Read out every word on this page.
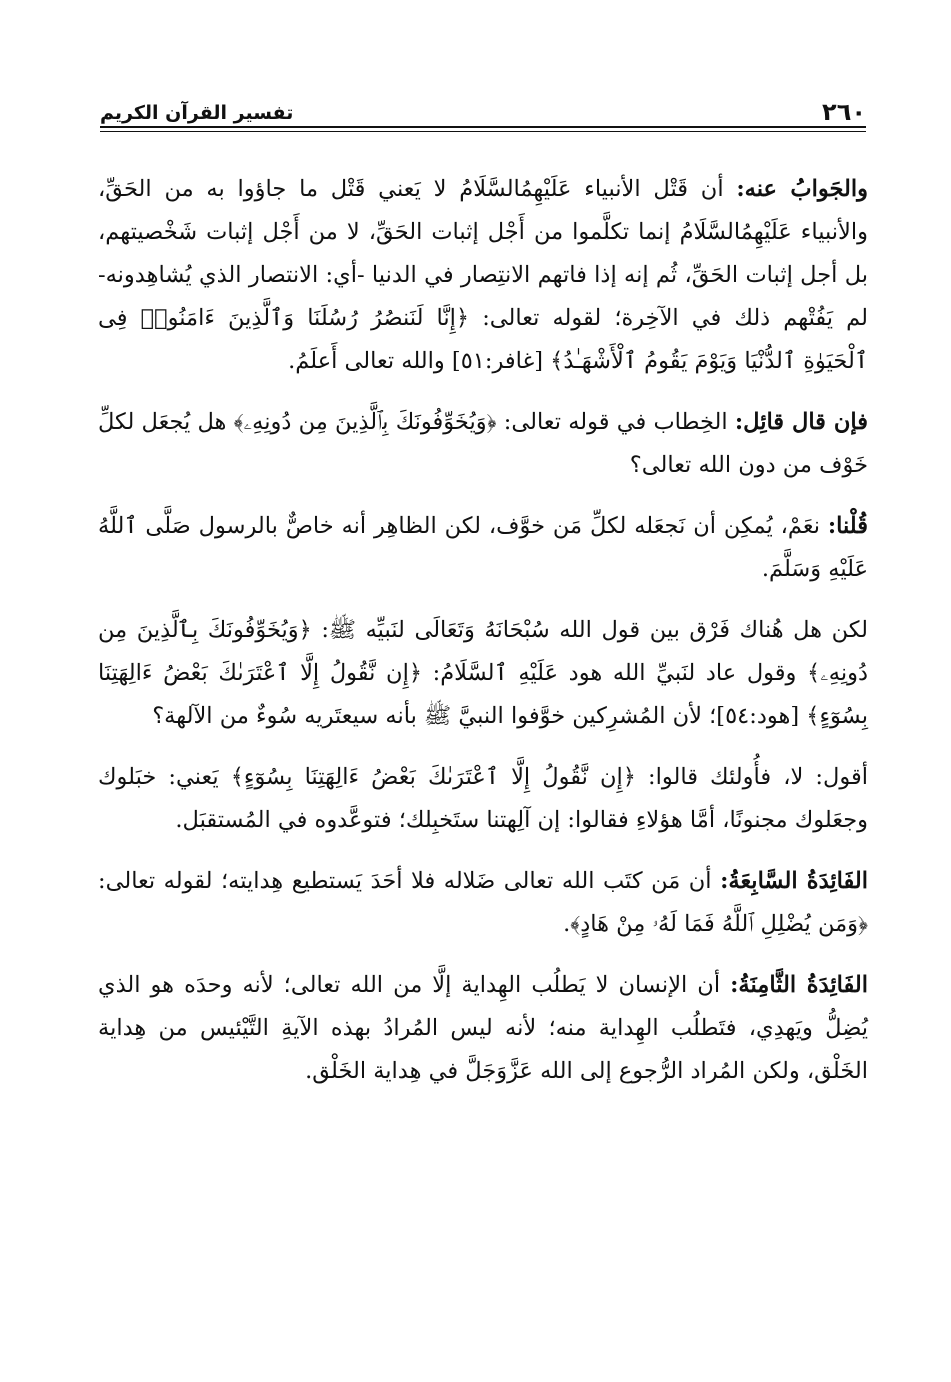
٢٦٠
تفسير القرآن الكريم

والجَوابُ عنه: أن قَتْل الأنبياء عَلَيْهِمُالسَّلَامُ لا يَعني قَتْل ما جاؤوا به من الحَقِّ، والأنبياء عَلَيْهِمُالسَّلَامُ إنما تكلَّموا من أَجْل إثبات الحَقِّ، لا من أَجْل إثبات شَخْصيتهم، بل أجل إثبات الحَقِّ، ثُم إنه إذا فاتهم الانتِصار في الدنيا -أي: الانتصار الذي يُشاهِدونه- لم يَفُتْهم ذلك في الآخِرة؛ لقوله تعالى: ﴿إِنَّا لَنَنصُرُ رُسُلَنَا وَٱلَّذِينَ ءَامَنُوا۟ فِى ٱلْحَيَوٰةِ ٱلدُّنْيَا وَيَوْمَ يَقُومُ ٱلْأَشْهَـٰدُ﴾ [غافر:٥١] والله تعالى أَعلَمُ.

فإن قال قائِل: الخِطاب في قوله تعالى: ﴿وَيُخَوِّفُونَكَ بِٱلَّذِينَ مِن دُونِهِۦ﴾ هل يُجعَل لكلِّ خَوْف من دون الله تعالى؟

قُلْنا: نعَمْ، يُمكِن أن نَجعَله لكلِّ مَن خوَّف، لكن الظاهِر أنه خاصٌّ بالرسول صَلَّى ٱللَّهُ عَلَيْهِ وَسَلَّمَ.

لكن هل هُناك فَرْق بين قول الله سُبْحَانَهُ وَتَعَالَى لنَبيِّه ﷺ: ﴿وَيُخَوِّفُونَكَ بِٱلَّذِينَ مِن دُونِهِۦ﴾ وقول عاد لنَبيِّ الله هود عَلَيْهِ ٱلسَّلَامُ: ﴿إِن نَّقُولُ إِلَّا ٱعْتَرَىٰكَ بَعْضُ ءَالِهَتِنَا بِسُوٓءٍ﴾ [هود:٥٤]؛ لأن المُشرِكين خوَّفوا النبيَّ ﷺ بأنه سيعتَريه سُوءٌ من الآلهة؟

أقول: لا، فأُولئك قالوا: ﴿إِن نَّقُولُ إِلَّا ٱعْتَرَىٰكَ بَعْضُ ءَالِهَتِنَا بِسُوٓءٍ﴾ يَعني: خبَلوك وجعَلوك مجنونًا، أمَّا هؤلاءِ فقالوا: إن آلِهتنا ستَخبِلك؛ فتوعَّدوه في المُستقبَل.

الفَائِدَةُ السَّابِعَةُ: أن مَن كتَب الله تعالى ضَلاله فلا أحَدَ يَستطيع هِدايته؛ لقوله تعالى: ﴿وَمَن يُضْلِلِ ٱللَّهُ فَمَا لَهُۥ مِنْ هَادٍ﴾.

الفَائِدَةُ الثَّامِنَةُ: أن الإنسان لا يَطلُب الهِداية إلَّا من الله تعالى؛ لأنه وحدَه هو الذي يُضِلُّ ويَهدِي، فتَطلُب الهِداية منه؛ لأنه ليس المُرادُ بهذه الآيةِ التَّيْئيس من هِداية الخَلْق، ولكن المُراد الرُّجوع إلى الله عَزَّوَجَلَّ في هِداية الخَلْق.
